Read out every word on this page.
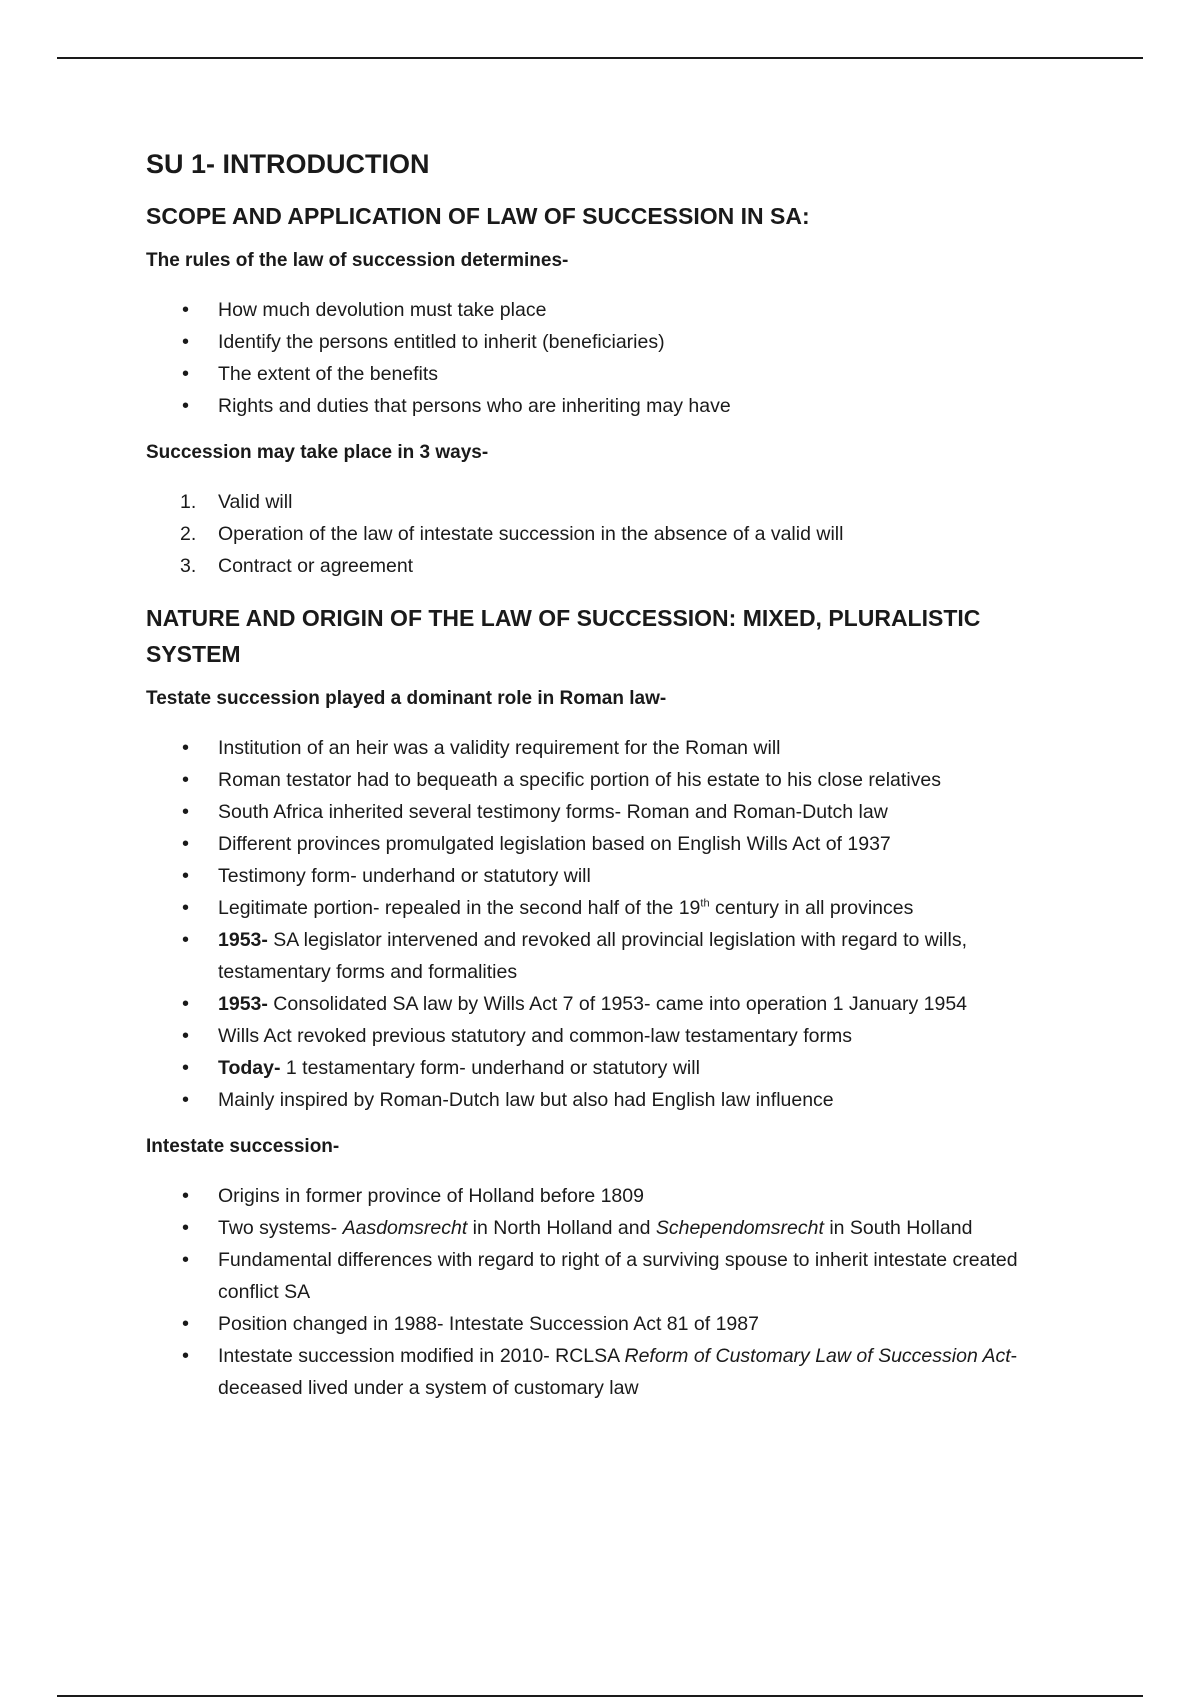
SU 1- INTRODUCTION
SCOPE AND APPLICATION OF LAW OF SUCCESSION IN SA:
The rules of the law of succession determines-
• How much devolution must take place
• Identify the persons entitled to inherit (beneficiaries)
• The extent of the benefits
• Rights and duties that persons who are inheriting may have
Succession may take place in 3 ways-
1. Valid will
2. Operation of the law of intestate succession in the absence of a valid will
3. Contract or agreement
NATURE AND ORIGIN OF THE LAW OF SUCCESSION: MIXED, PLURALISTIC SYSTEM
Testate succession played a dominant role in Roman law-
• Institution of an heir was a validity requirement for the Roman will
• Roman testator had to bequeath a specific portion of his estate to his close relatives
• South Africa inherited several testimony forms- Roman and Roman-Dutch law
• Different provinces promulgated legislation based on English Wills Act of 1937
• Testimony form- underhand or statutory will
• Legitimate portion- repealed in the second half of the 19th century in all provinces
• 1953- SA legislator intervened and revoked all provincial legislation with regard to wills, testamentary forms and formalities
• 1953- Consolidated SA law by Wills Act 7 of 1953- came into operation 1 January 1954
• Wills Act revoked previous statutory and common-law testamentary forms
• Today- 1 testamentary form- underhand or statutory will
• Mainly inspired by Roman-Dutch law but also had English law influence
Intestate succession-
• Origins in former province of Holland before 1809
• Two systems- Aasdomsrecht in North Holland and Schependomsrecht in South Holland
• Fundamental differences with regard to right of a surviving spouse to inherit intestate created conflict SA
• Position changed in 1988- Intestate Succession Act 81 of 1987
• Intestate succession modified in 2010- RCLSA Reform of Customary Law of Succession Act- deceased lived under a system of customary law
